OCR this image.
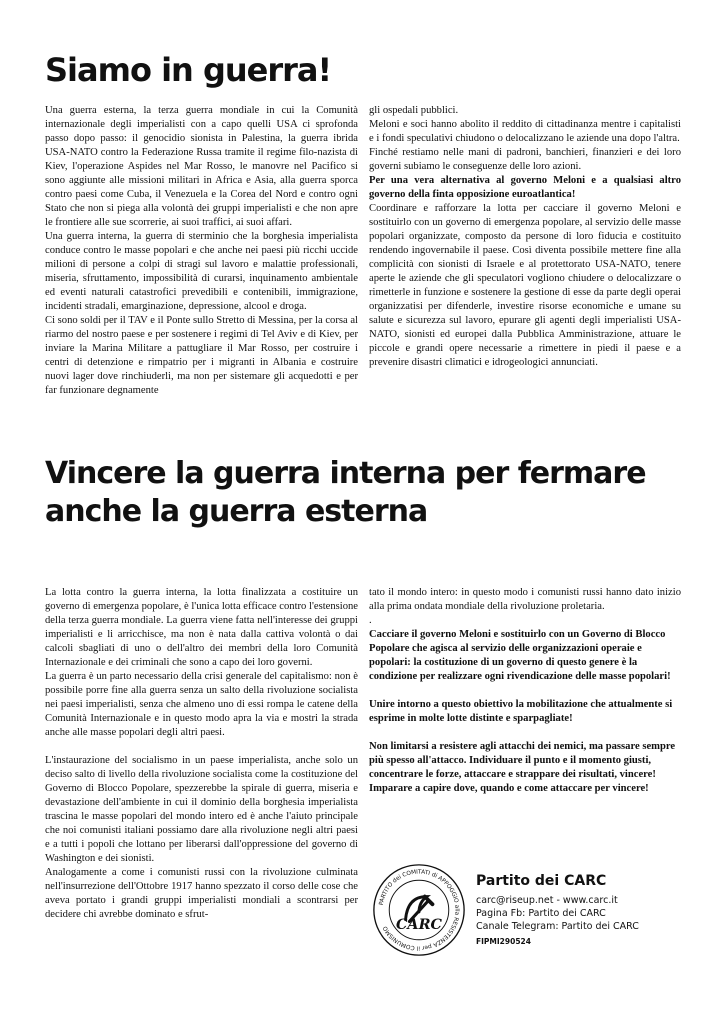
Siamo in guerra!

Una guerra esterna, la terza guerra mondiale in cui la Comunità internazionale degli imperialisti con a capo quelli USA ci sprofonda passo dopo passo: il genocidio sionista in Palestina, la guerra ibrida USA-NATO contro la Federazione Russa tramite il regime filo-nazista di Kiev, l'operazione Aspides nel Mar Rosso, le manovre nel Pacifico si sono aggiunte alle missioni militari in Africa e Asia, alla guerra sporca contro paesi come Cuba, il Venezuela e la Corea del Nord e contro ogni Stato che non si piega alla volontà dei gruppi imperialisti e che non apre le frontiere alle sue scorrerie, ai suoi traffici, ai suoi affari.

Una guerra interna, la guerra di sterminio che la borghesia imperialista conduce contro le masse popolari e che anche nei paesi più ricchi uccide milioni di persone a colpi di stragi sul lavoro e malattie professionali, miseria, sfruttamento, impossibilità di curarsi, inquinamento ambientale ed eventi naturali catastrofici prevedibili e contenibili, immigrazione, incidenti stradali, emarginazione, depressione, alcool e droga.

Ci sono soldi per il TAV e il Ponte sullo Stretto di Messina, per la corsa al riarmo del nostro paese e per sostenere i regimi di Tel Aviv e di Kiev, per inviare la Marina Militare a pattugliare il Mar Rosso, per costruire i centri di detenzione e rimpatrio per i migranti in Albania e costruire nuovi lager dove rinchiuderli, ma non per sistemare gli acquedotti e per far funzionare degnamente

gli ospedali pubblici.

Meloni e soci hanno abolito il reddito di cittadinanza mentre i capitalisti e i fondi speculativi chiudono o delocalizzano le aziende una dopo l'altra.

Finché restiamo nelle mani di padroni, banchieri, finanzieri e dei loro governi subiamo le conseguenze delle loro azioni.

Per una vera alternativa al governo Meloni e a qualsiasi altro governo della finta opposizione euroatlantica!

Coordinare e rafforzare la lotta per cacciare il governo Meloni e sostituirlo con un governo di emergenza popolare, al servizio delle masse popolari organizzate, composto da persone di loro fiducia e costituito rendendo ingovernabile il paese. Così diventa possibile mettere fine alla complicità con sionisti di Israele e al protettorato USA-NATO, tenere aperte le aziende che gli speculatori vogliono chiudere o delocalizzare o rimetterle in funzione e sostenere la gestione di esse da parte degli operai organizzatisi per difenderle, investire risorse economiche e umane su salute e sicurezza sul lavoro, epurare gli agenti degli imperialisti USA-NATO, sionisti ed europei dalla Pubblica Amministrazione, attuare le piccole e grandi opere necessarie a rimettere in piedi il paese e a prevenire disastri climatici e idrogeologici annunciati.

Vincere la guerra interna per fermare anche la guerra esterna

La lotta contro la guerra interna, la lotta finalizzata a costituire un governo di emergenza popolare, è l'unica lotta efficace contro l'estensione della terza guerra mondiale. La guerra viene fatta nell'interesse dei gruppi imperialisti e li arricchisce, ma non è nata dalla cattiva volontà o dai calcoli sbagliati di uno o dell'altro dei membri della loro Comunità Internazionale e dei criminali che sono a capo dei loro governi.

La guerra è un parto necessario della crisi generale del capitalismo: non è possibile porre fine alla guerra senza un salto della rivoluzione socialista nei paesi imperialisti, senza che almeno uno di essi rompa le catene della Comunità Internazionale e in questo modo apra la via e mostri la strada anche alle masse popolari degli altri paesi.

L'instaurazione del socialismo in un paese imperialista, anche solo un deciso salto di livello della rivoluzione socialista come la costituzione del Governo di Blocco Popolare, spezzerebbe la spirale di guerra, miseria e devastazione dell'ambiente in cui il dominio della borghesia imperialista trascina le masse popolari del mondo intero ed è anche l'aiuto principale che noi comunisti italiani possiamo dare alla rivoluzione negli altri paesi e a tutti i popoli che lottano per liberarsi dall'oppressione del governo di Washington e dei sionisti.

Analogamente a come i comunisti russi con la rivoluzione culminata nell'insurrezione dell'Ottobre 1917 hanno spezzato il corso delle cose che aveva portato i grandi gruppi imperialisti mondiali a scontrarsi per decidere chi avrebbe dominato e sfrut-

tato il mondo intero: in questo modo i comunisti russi hanno dato inizio alla prima ondata mondiale della rivoluzione proletaria.

.

Cacciare il governo Meloni e sostituirlo con un Governo di Blocco Popolare che agisca al servizio delle organizzazioni operaie e popolari: la costituzione di un governo di questo genere è la condizione per realizzare ogni rivendicazione delle masse popolari!

Unire intorno a questo obiettivo la mobilitazione che attualmente si esprime in molte lotte distinte e sparpagliate!

Non limitarsi a resistere agli attacchi dei nemici, ma passare sempre più spesso all'attacco. Individuare il punto e il momento giusti, concentrare le forze, attaccare e strappare dei risultati, vincere! Imparare a capire dove, quando e come attaccare per vincere!

PARTITO dei COMITATI di APPOGGIO alla RESISTENZA per il COMUNISMO CARC
Partito dei CARC
carc@riseup.net - www.carc.it
Pagina Fb: Partito dei CARC
Canale Telegram: Partito dei CARC
FIPMI290524
